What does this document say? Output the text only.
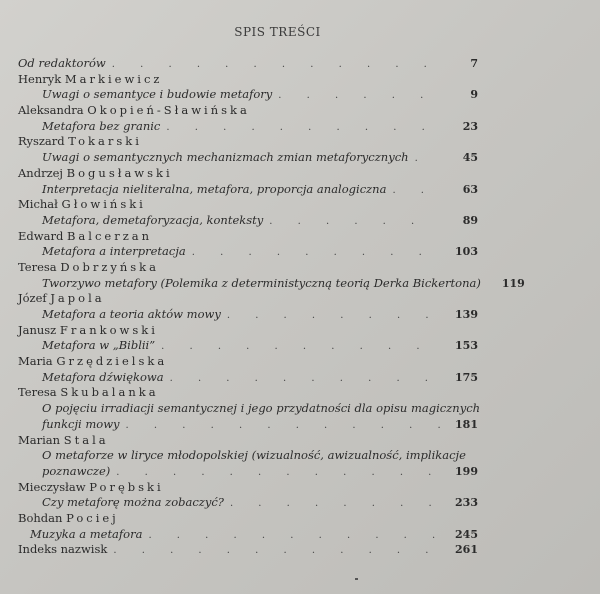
SPIS TREŚCI
Od redaktorów . . .	7
Henryk Markiewicz
Uwagi o semantyce i budowie metafory . . .	9
Aleksandra Okopień-Sławińska
Metafora bez granic . . .	23
Ryszard Tokarski
Uwagi o semantycznych mechanizmach zmian metaforycznych . . .	45
Andrzej Bogusławski
Interpretacja nieliteralna, metafora, proporcja analogiczna . . .	63
Michał Głowiński
Metafora, demetaforyzacja, konteksty . . .	89
Edward Balcerzan
Metafora a interpretacja . . .	103
Teresa Dobrzyńska
Tworzywo metafory (Polemika z deterministyczną teorią Derka Bickertona)	119
Józef Japola
Metafora a teoria aktów mowy . . .	139
Janusz Frankowski
Metafora w „Biblii” . . .	153
Maria Grzędzielska
Metafora dźwiękowa . . .	175
Teresa Skubalanka
O pojęciu irradiacji semantycznej i jego przydatności dla opisu magicznych
funkcji mowy . . .	181
Marian Stala
O metaforze w liryce młodopolskiej (wizualność, awizualność, implikacje
poznawcze) . . .	199
Mieczysław Porębski
Czy metaforę można zobaczyć? . . .	233
Bohdan Pociej
Muzyka a metafora . . .	245
Indeks nazwisk . . .	261
